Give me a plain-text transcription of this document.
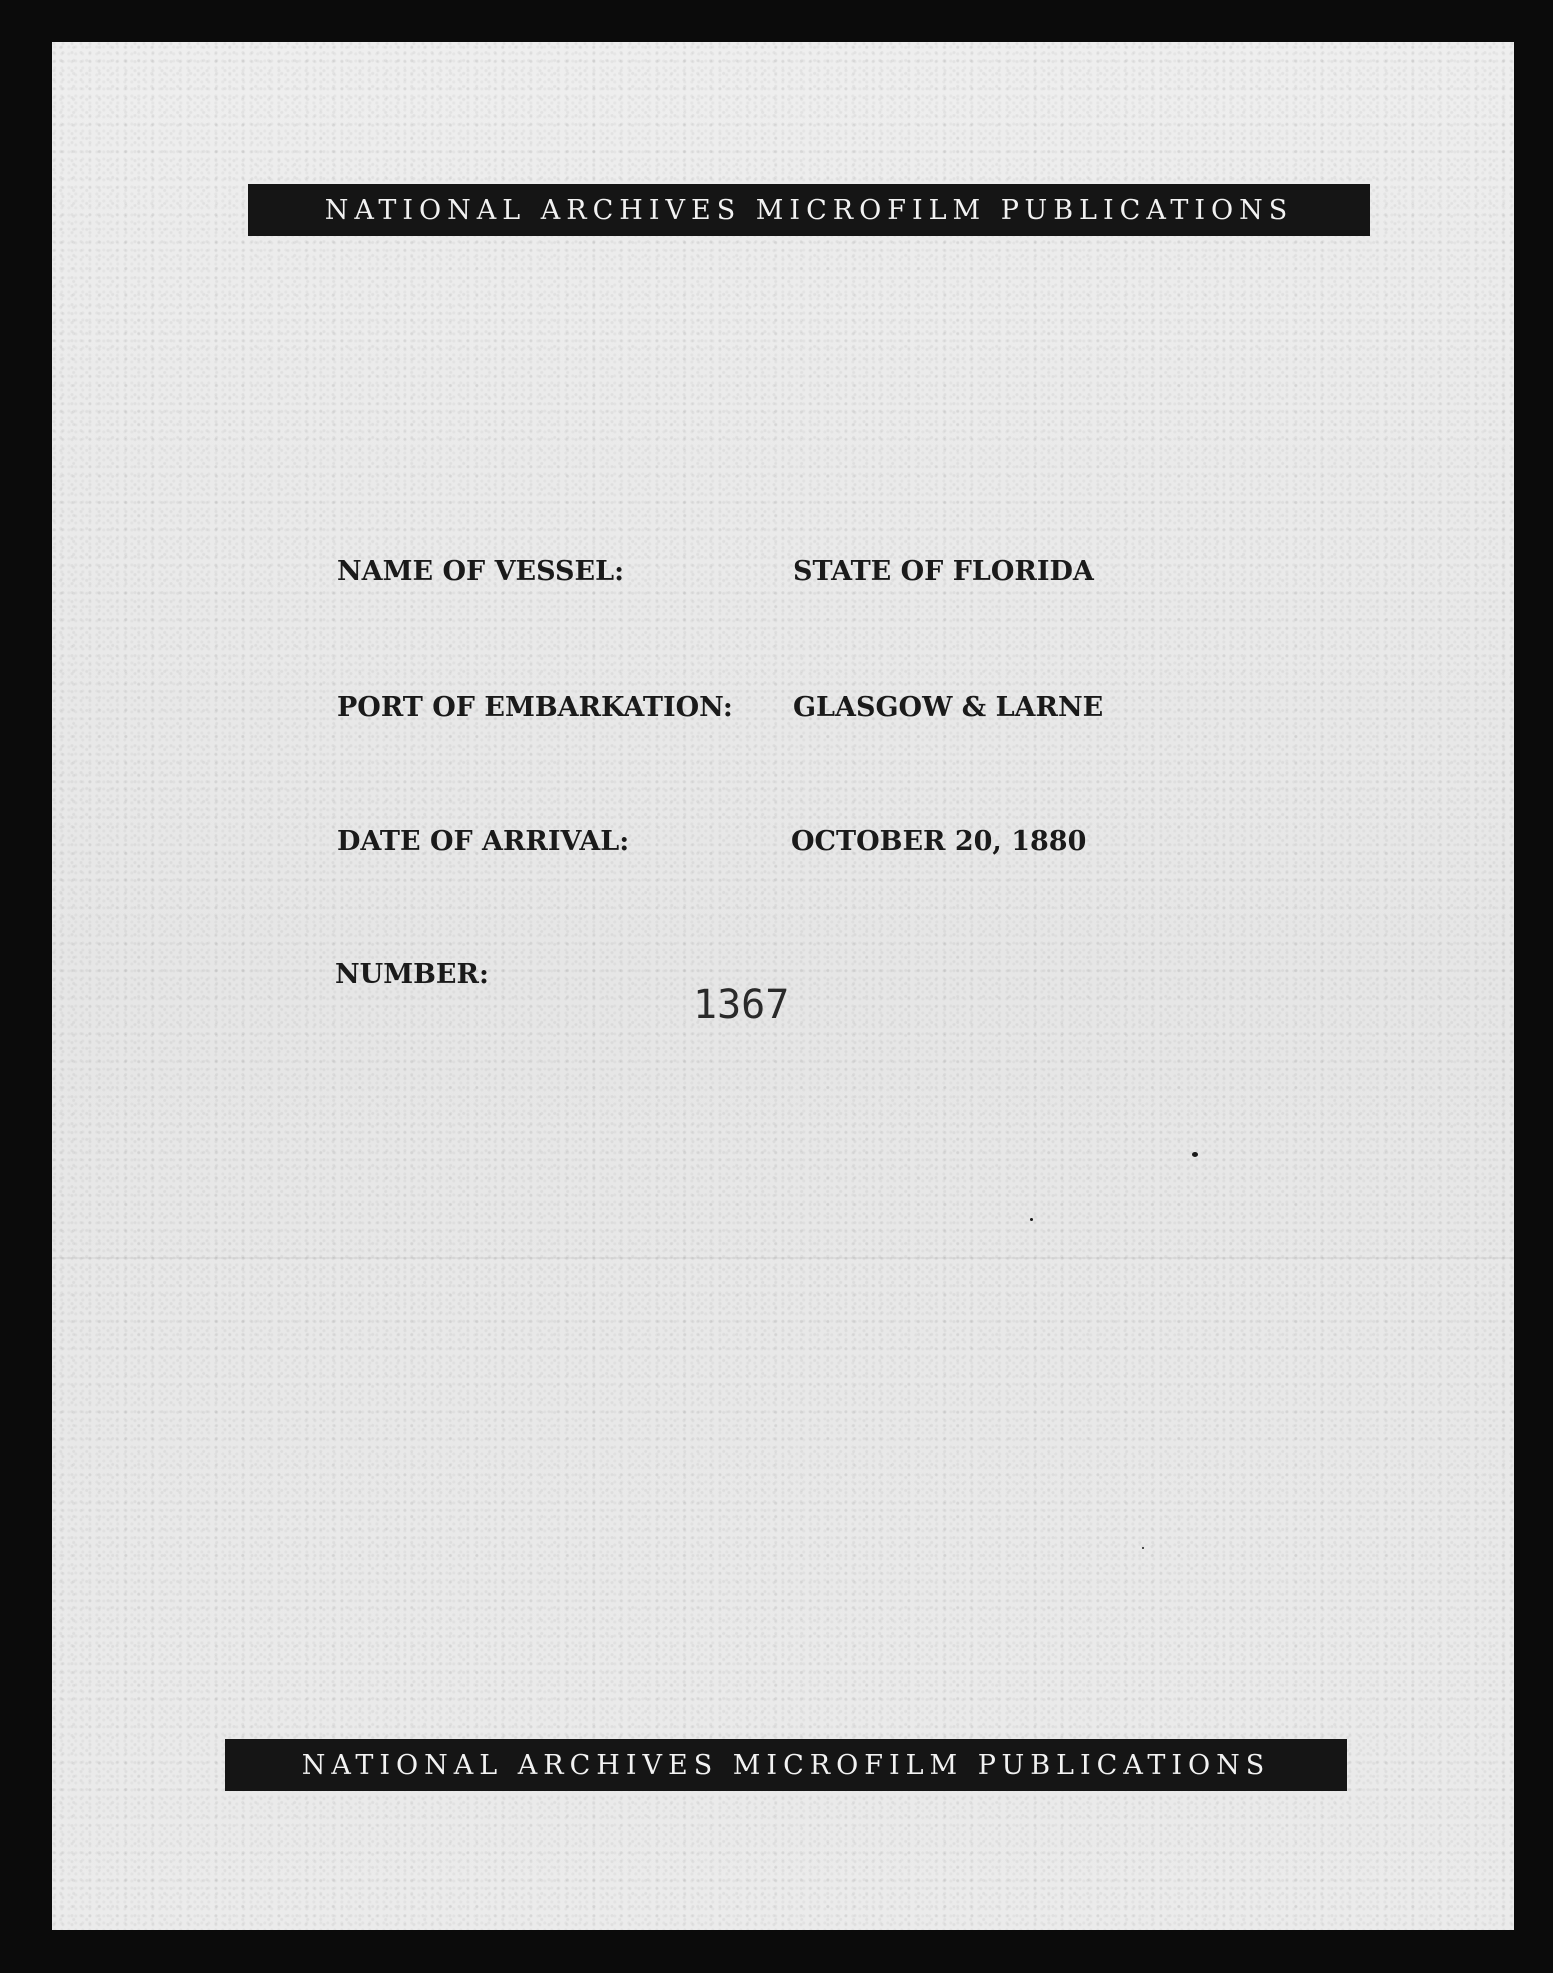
NATIONAL ARCHIVES MICROFILM PUBLICATIONS
NAME OF VESSEL:	STATE OF FLORIDA
PORT OF EMBARKATION: GLASGOW & LARNE
DATE OF ARRIVAL:	OCTOBER 20, 1880
NUMBER:
1367
NATIONAL ARCHIVES MICROFILM PUBLICATIONS
